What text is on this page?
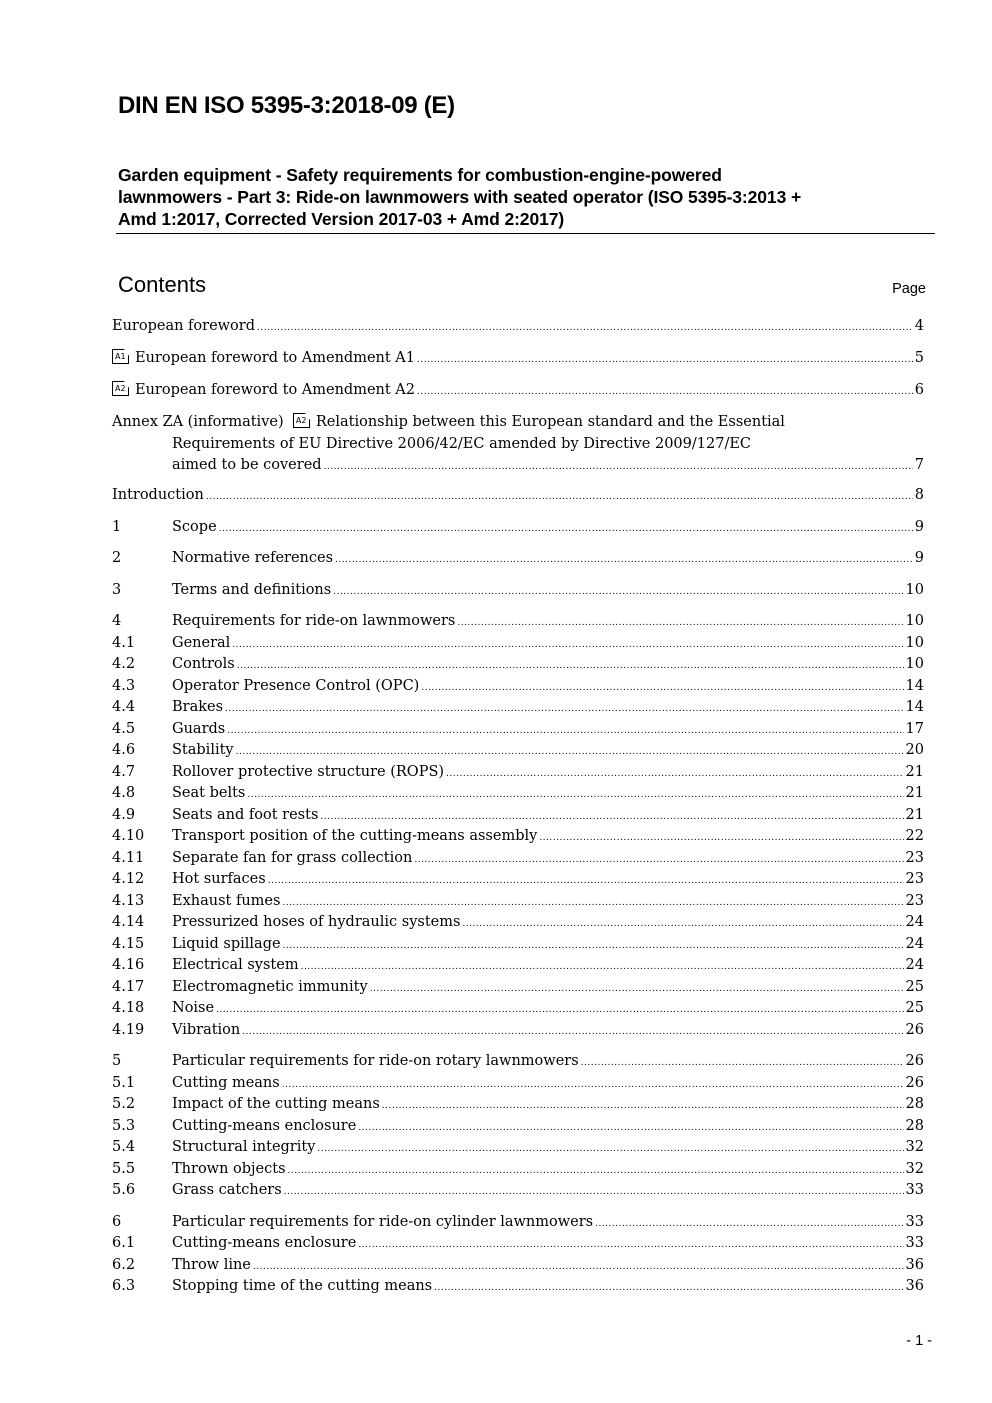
DIN EN ISO 5395-3:2018-09 (E)
Garden equipment - Safety requirements for combustion-engine-powered
lawnmowers - Part 3: Ride-on lawnmowers with seated operator (ISO 5395-3:2013 +
Amd 1:2017, Corrected Version 2017-03 + Amd 2:2017)
Contents	Page
European foreword .....	4
A1 European foreword to Amendment A1 .....	5
A2 European foreword to Amendment A2 .....	6
Annex ZA (informative) A2 Relationship between this European standard and the Essential
Requirements of EU Directive 2006/42/EC amended by Directive 2009/127/EC
aimed to be covered .....	7
Introduction .....	8
1	Scope .....	9
2	Normative references .....	9
3	Terms and definitions .....	10
4	Requirements for ride-on lawnmowers .....	10
4.1	General .....	10
4.2	Controls .....	10
4.3	Operator Presence Control (OPC) .....	14
4.4	Brakes .....	14
4.5	Guards .....	17
4.6	Stability .....	20
4.7	Rollover protective structure (ROPS) .....	21
4.8	Seat belts .....	21
4.9	Seats and foot rests .....	21
4.10 Transport position of the cutting-means assembly .....	22
4.11 Separate fan for grass collection .....	23
4.12 Hot surfaces .....	23
4.13 Exhaust fumes .....	23
4.14 Pressurized hoses of hydraulic systems .....	24
4.15 Liquid spillage .....	24
4.16 Electrical system .....	24
4.17 Electromagnetic immunity .....	25
4.18 Noise .....	25
4.19 Vibration .....	26
5	Particular requirements for ride-on rotary lawnmowers .....	26
5.1	Cutting means .....	26
5.2	Impact of the cutting means .....	28
5.3	Cutting-means enclosure .....	28
5.4	Structural integrity .....	32
5.5	Thrown objects .....	32
5.6	Grass catchers .....	33
6	Particular requirements for ride-on cylinder lawnmowers .....	33
6.1	Cutting-means enclosure .....	33
6.2	Throw line .....	36
6.3	Stopping time of the cutting means .....	36
- 1 -
